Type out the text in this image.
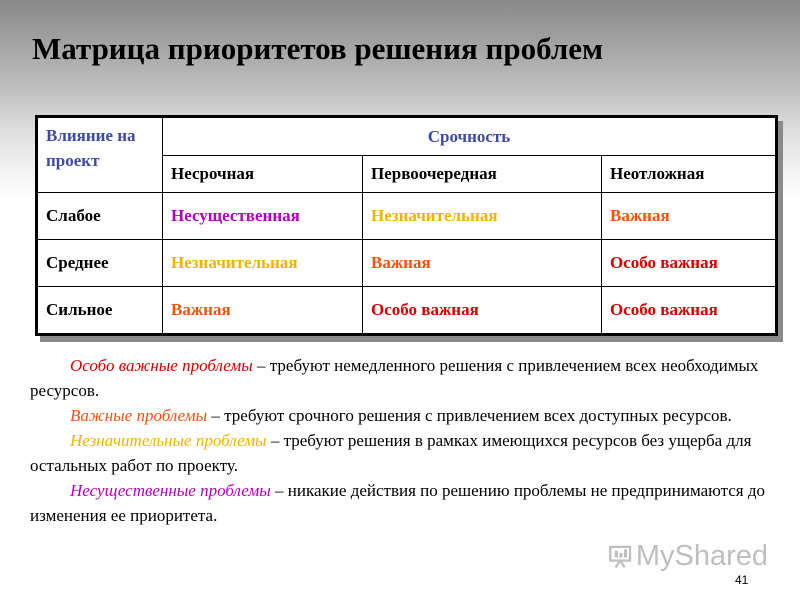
Матрица приоритетов решения проблем
Влияние на проект	Срочность		
	Несрочная	Первоочередная	Неотложная
Слабое	Несущественная	Незначительная	Важная
Среднее	Незначительная	Важная	Особо важная
Сильное	Важная	Особо важная	Особо важная

Особо важные проблемы – требуют немедленного решения с привлечением всех необходимых ресурсов.

Важные проблемы – требуют срочного решения с привлечением всех доступных ресурсов.

Незначительные проблемы – требуют решения в рамках имеющихся ресурсов без ущерба для остальных работ по проекту.

Несущественные проблемы – никакие действия по решению проблемы не предпринимаются до изменения ее приоритета.

MyShared
41
